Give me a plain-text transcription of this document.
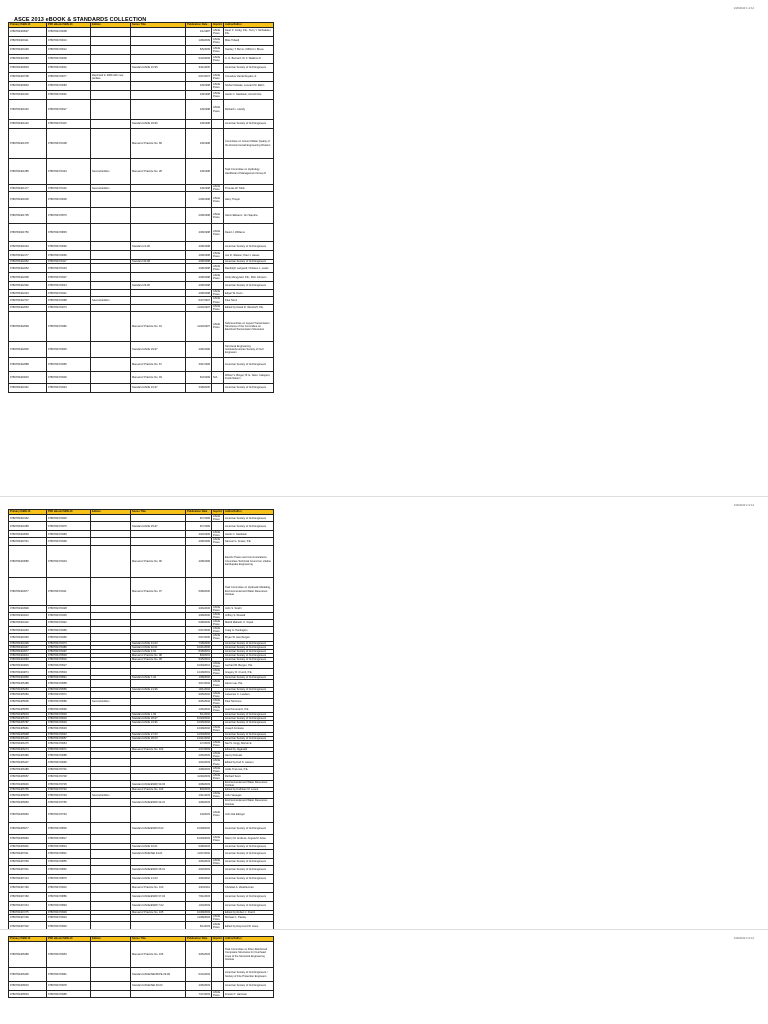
1/26/2013 1 of 14
ASCE 2013 eBOOK & STANDARDS COLLECTION
Primary ISBN-13	PDF eBook ISBN-13	Edition	Series Title	Publication Date	Imprint	Author/Editor
9780784400937	9780784470008			1/1/1987	ASCE Press	Dean K. Fettig, P.E.; Terry Y. McFadden, P.E.
9780784400111	9780784470013			1/28/2009	ASCE Press	Mike Tidwell
9780784400199	9780784470012			6/5/2009	ASCE Press	Stanley T. Burns; Clifford J. Bruce
9780784400180	9780784470009			9/13/2009	ASCE Press	A. O. Bernard; W. F. Watkins III
9780784400618	9780784470001		Standard ASCE 16-95	9/11/2000		American Society of Civil Engineers
9780784400708	9780784470077	Reprinted in 2009 with new preface		2/27/2007	ASCE Press	Cornelius Vanderheyden Jr.
9780784400963	9780784470083			1/8/1998	ASCE Press	Norbert Delatte; Leonard M. Elkhn
9780784401002	9780784470091			1/8/1998	ASCE Press	Jacob C. Gladstein; Arnold Orte
9780784401040	9780784470027			1/8/1998	ASCE Press	Richard L. Handy
9780784401149	9780784470116		Standard ASCE 18-96	1/8/1998		American Society of Civil Engineers
9780784401378	9780784470108		Manual of Practice No. 89	1/8/1998		Committee on Ground Water Quality of the Environmental Engineering Division
9780784401385	9780784470143	Second Edition	Manual of Practice No. 28	1/8/1998		Task Committee on Hydrology Handbook of Management Group D
9780784401477	9780784470132	Second Edition		1/8/1998	ASCE Press	Thomas W. Tobin
9780784401606	9780784470609			2/28/1998	ASCE Press	Harry Thayer
9780784401705	9780784470570			2/28/1998	ASCE Press	Glenn Ekbaum; Jim Saputra
9780784401750	9780784470845			4/28/1998	ASCE Press	David J. Williams
9780784401934	9780784470092		Standard 21-96	4/28/1998		American Society of Civil Engineers
9780784402177	9780784470066			4/28/1998	ASCE Press	Joe R. Watson; Paul J. Haves
9780784402252	9780784470117		Standard 30-98	4/28/1998		American Society of Civil Engineers
9780784402252	9780784470133			4/28/1998	ASCE Press	Randolph Langwell; Christen L. Lewis
9780784402338	9780784470337			4/28/1998	ASCE Press	Andy Mengyield, P.E.; Rick Johnson
9780784402392	9780784470044		Standard 29-96	4/28/1998		American Society of Civil Engineers
9780784402424	9780784470421			4/28/1998	ASCE Press	Edgar W. Dunn
9780784402707	9780784470468	Second Edition		9/17/1997	ASCE Press	Paul Tarmi
9780784402653	9780784470273			11/23/1997	ASCE Press	Edited by David R. Woodruff, P.E.
9780784402699	9780784470382		Manual of Practice No. 91	11/23/1997	ASCE Press	Subcommittee on Guyed Transmission Structures of the Committee on Electrical Transmission Structures
9780784402936	9780784470925		Standard ASCE 29-97	4/26/1999		Structural Engineering Institute/American Society of Civil Engineers
9780784402988	9780784470350		Manual of Practice No. 67	3/31/1999		American Society of Civil Engineers
9780784403033	9780784470300		Manual of Practice No. 93	6/3/1999	N/A	Wilson V. Binger; B. E. Ness; Calogero; Frank Nelson
9780784403161	9780784470343		Standard ASCE 10-97	3/18/2000		American Society of Civil Engineers
1/26/2013 2 of 14
Primary ISBN-13	PDF eBook ISBN-13	Edition	Series Title	Publication Date	Imprint	Author/Editor
9780784403162	9780784470303			6/7/1999	ASCE Press	American Society of Civil Engineers
9780784403185	9780784470376		Standard ASCE 25-97	6/7/1999		American Society of Civil Engineers
9780784403666	9780784470383			4/23/1999	ASCE Press	Jacob C. Gladstein
9780784403741	9780784470399			4/28/1999	ASCE Press	Samuel G. Fraser, P.E.
9780784403680	9780784470404		Manual of Practice No. 96	4/28/1999		Electric Power and Communications Committee Technical Council on Lifeline Earthquake Engineering
9780784403977	9780784470411		Manual of Practice No. 97	5/28/2000		Task Committee on Hydraulic Modeling, Environmental and Water Resources Institute
9780784403999	9780784470428			4/26/2000	ASCE Press	John S. Scalzi
9780784404010	9780784470435			4/28/2000	ASCE Press	Jeffrey S. Russell
9780784404119	9780784470442			5/28/2000	ASCE Press	Mahdi Mahesh; K. Pujari
9780784404249	9780784470459			6/27/2000	ASCE Press	Craig G. Pavlington
9780784404393	9780784470466			6/27/2000	ASCE Press	Bryan W. Hernbergen
9780784404409	9780784470473		Standard ASCE 31-03	7/18/2000		American Society of Civil Engineers
9780784404447	9780784470480		Standard ASCE 32-01	10/21/2000		American Society of Civil Engineers
9780784404577	9780784470497		Standard ASCE 3-91	8/18/2001		American Society of Civil Engineers
9780784404614	9780784470503		Manual of Practice No. 98	8/9/2001		American Society of Civil Engineers
9780784404683	9780784470510		Manual of Practice No. 99	9/15/2001		American Society of Civil Engineers
9780784404829	9780784470527			10/30/2001	ASCE Press	Gerhard B. Bergen, P.E.
9780784404874	9780784470534			12/18/2001	ASCE Press	Gregory R. Crumb, P.E.
9780784404959	9780784470541		Standard ASCE 7-02	1/28/2002		American Society of Civil Engineers
9780784405185	9780784470558			3/27/2002	ASCE Press	Aaron Lau, P.E.
9780784405284	9780784470565		Standard ASCE 21-96	10/1/2002		American Society of Civil Engineers
9780784405383	9780784470572			9/25/2002	ASCE Press	Lawrence C. Lueders
9780784405505	9780784470589	Second Edition		9/25/2002	ASCE Press	Paul Tarricone
9780784405555	9780784470596			1/26/2002	ASCE Press	Joel Pomerantz, P.E.
9780784405604	9780784470602		Standard ASCE 1-99	5/1/2002		American Society of Civil Engineers
9780784405710	9780784470619		Standard ASCE 28-97	10/20/2002		American Society of Civil Engineers
9780784405787	9780784470626		Standard ASCE 19-96	10/25/2002		American Society of Civil Engineers
9780784405961	9780784470633			10/28/2002	ASCE Press	Joseph Fontana
9780784405998	9780784470640		Standard ASCE 27-00	12/20/2002		American Society of Civil Engineers
9780784406120	9780784470657		Standard ASCE 28-00	12/21/2002		American Society of Civil Engineers
9780784406175	9780784470664			1/7/2003	ASCE Press	Neil S. Grigg; Marvin E.
9780784406274	9780784470671		Manual of Practice No. 102	1/17/2003		Edited by Jaganath
9780784406380	9780784470688			2/26/2003	ASCE Press	Henry Petroski
9780784406427	9780784470695			4/24/2003	ASCE Press	Edited by Karl S. Jansen
9780784406489	9780784470701			4/28/2003	ASCE Press	Hollis Trammel, P.E.
9780784406557	9780784470718			11/30/2003	ASCE Press	Richard Scott
9780784406649	9780784470725		Standard ASCE/EWRI 33-03	4/28/2003		Environmental and Water Resources Institute
9780784406755	9780784470732		Manual of Practice No. 103	8/9/2003		Edited by Kathleen M. Leone
9780784406878	9780784470749	Second Edition		1/31/2003	ASCE Press	John Vanegas
9780784406953	9780784470756		Standard ASCE/EWRI 34-01	4/28/2003		Environmental and Water Resources Institute
9780784406960	9780784470763			1/9/2003	ASCE Press	John Dal Edinger
9780784406977	9780784470800		Standard ASCE/EWRI 8-02	10/28/2002		American Society of Civil Engineers
9780784406984	9780784470817			10/29/2003	ASCE Press	Sherry M. Andress; Angela M. Arias
9780784406991	9780784470824		Standard ASCE 32-01	9/28/2003		American Society of Civil Engineers
9780784407011	9780784470831		Standard ASCE/SEI 34-01	11/27/2002		American Society of Civil Engineers
9780784407066	9780784470855			4/26/2003	ASCE Press	American Society of Civil Engineers
9780784407091	9780784470862		Standard ASCE/EWRI 35-01	4/23/2003		American Society of Civil Engineers
9780784407114	9780784470879		Standard ASCE 21-00	4/26/2002		American Society of Civil Engineers
9780784407169	9780784470916		Manual of Practice No. 100	4/26/2011		Christian A. Weatherman
9780784407183	9780784470886		Standard ASCE/EWRI 37-02	7/31/2003		American Society of Civil Engineers
9780784407244	9780784470893		Standard ASCE/EWRI 7-02	1/23/2003		American Society of Civil Engineers
9780784407275	9780784470909		Manual of Practice No. 105	10/28/2003		Edited by Robert J. Frantz
9780784407299	9780784470923			11/28/2003	ASCE Press	Michael C. Pawley
9780784407302	9780784470930			6/1/2003	ASCE Press	Edited by Raymond W. Hone

1/26/2013 3 of 14
Primary ISBN-13	PDF eBook ISBN-13	Edition	Series Title	Publication Date	Imprint	Author/Editor
9780784406489	9780784470954		Manual of Practice No. 106	3/25/2003		Task Committee on Fiber-Reinforced Composite Structures for Overhead Lines of the Structural Engineering Institute
9780784406496	9780784470961		Standard ASCE/SEI/SFPE 29-99	5/14/2003		American Society of Civil Engineers / Society of Fire Protection Engineers
9780784406519	9780784470978		Standard ASCE/SEI 30-03	4/25/2003		American Society of Civil Engineers
9780784406533	9780784470985			7/17/2003	ASCE Press	Francis T. Hartman
